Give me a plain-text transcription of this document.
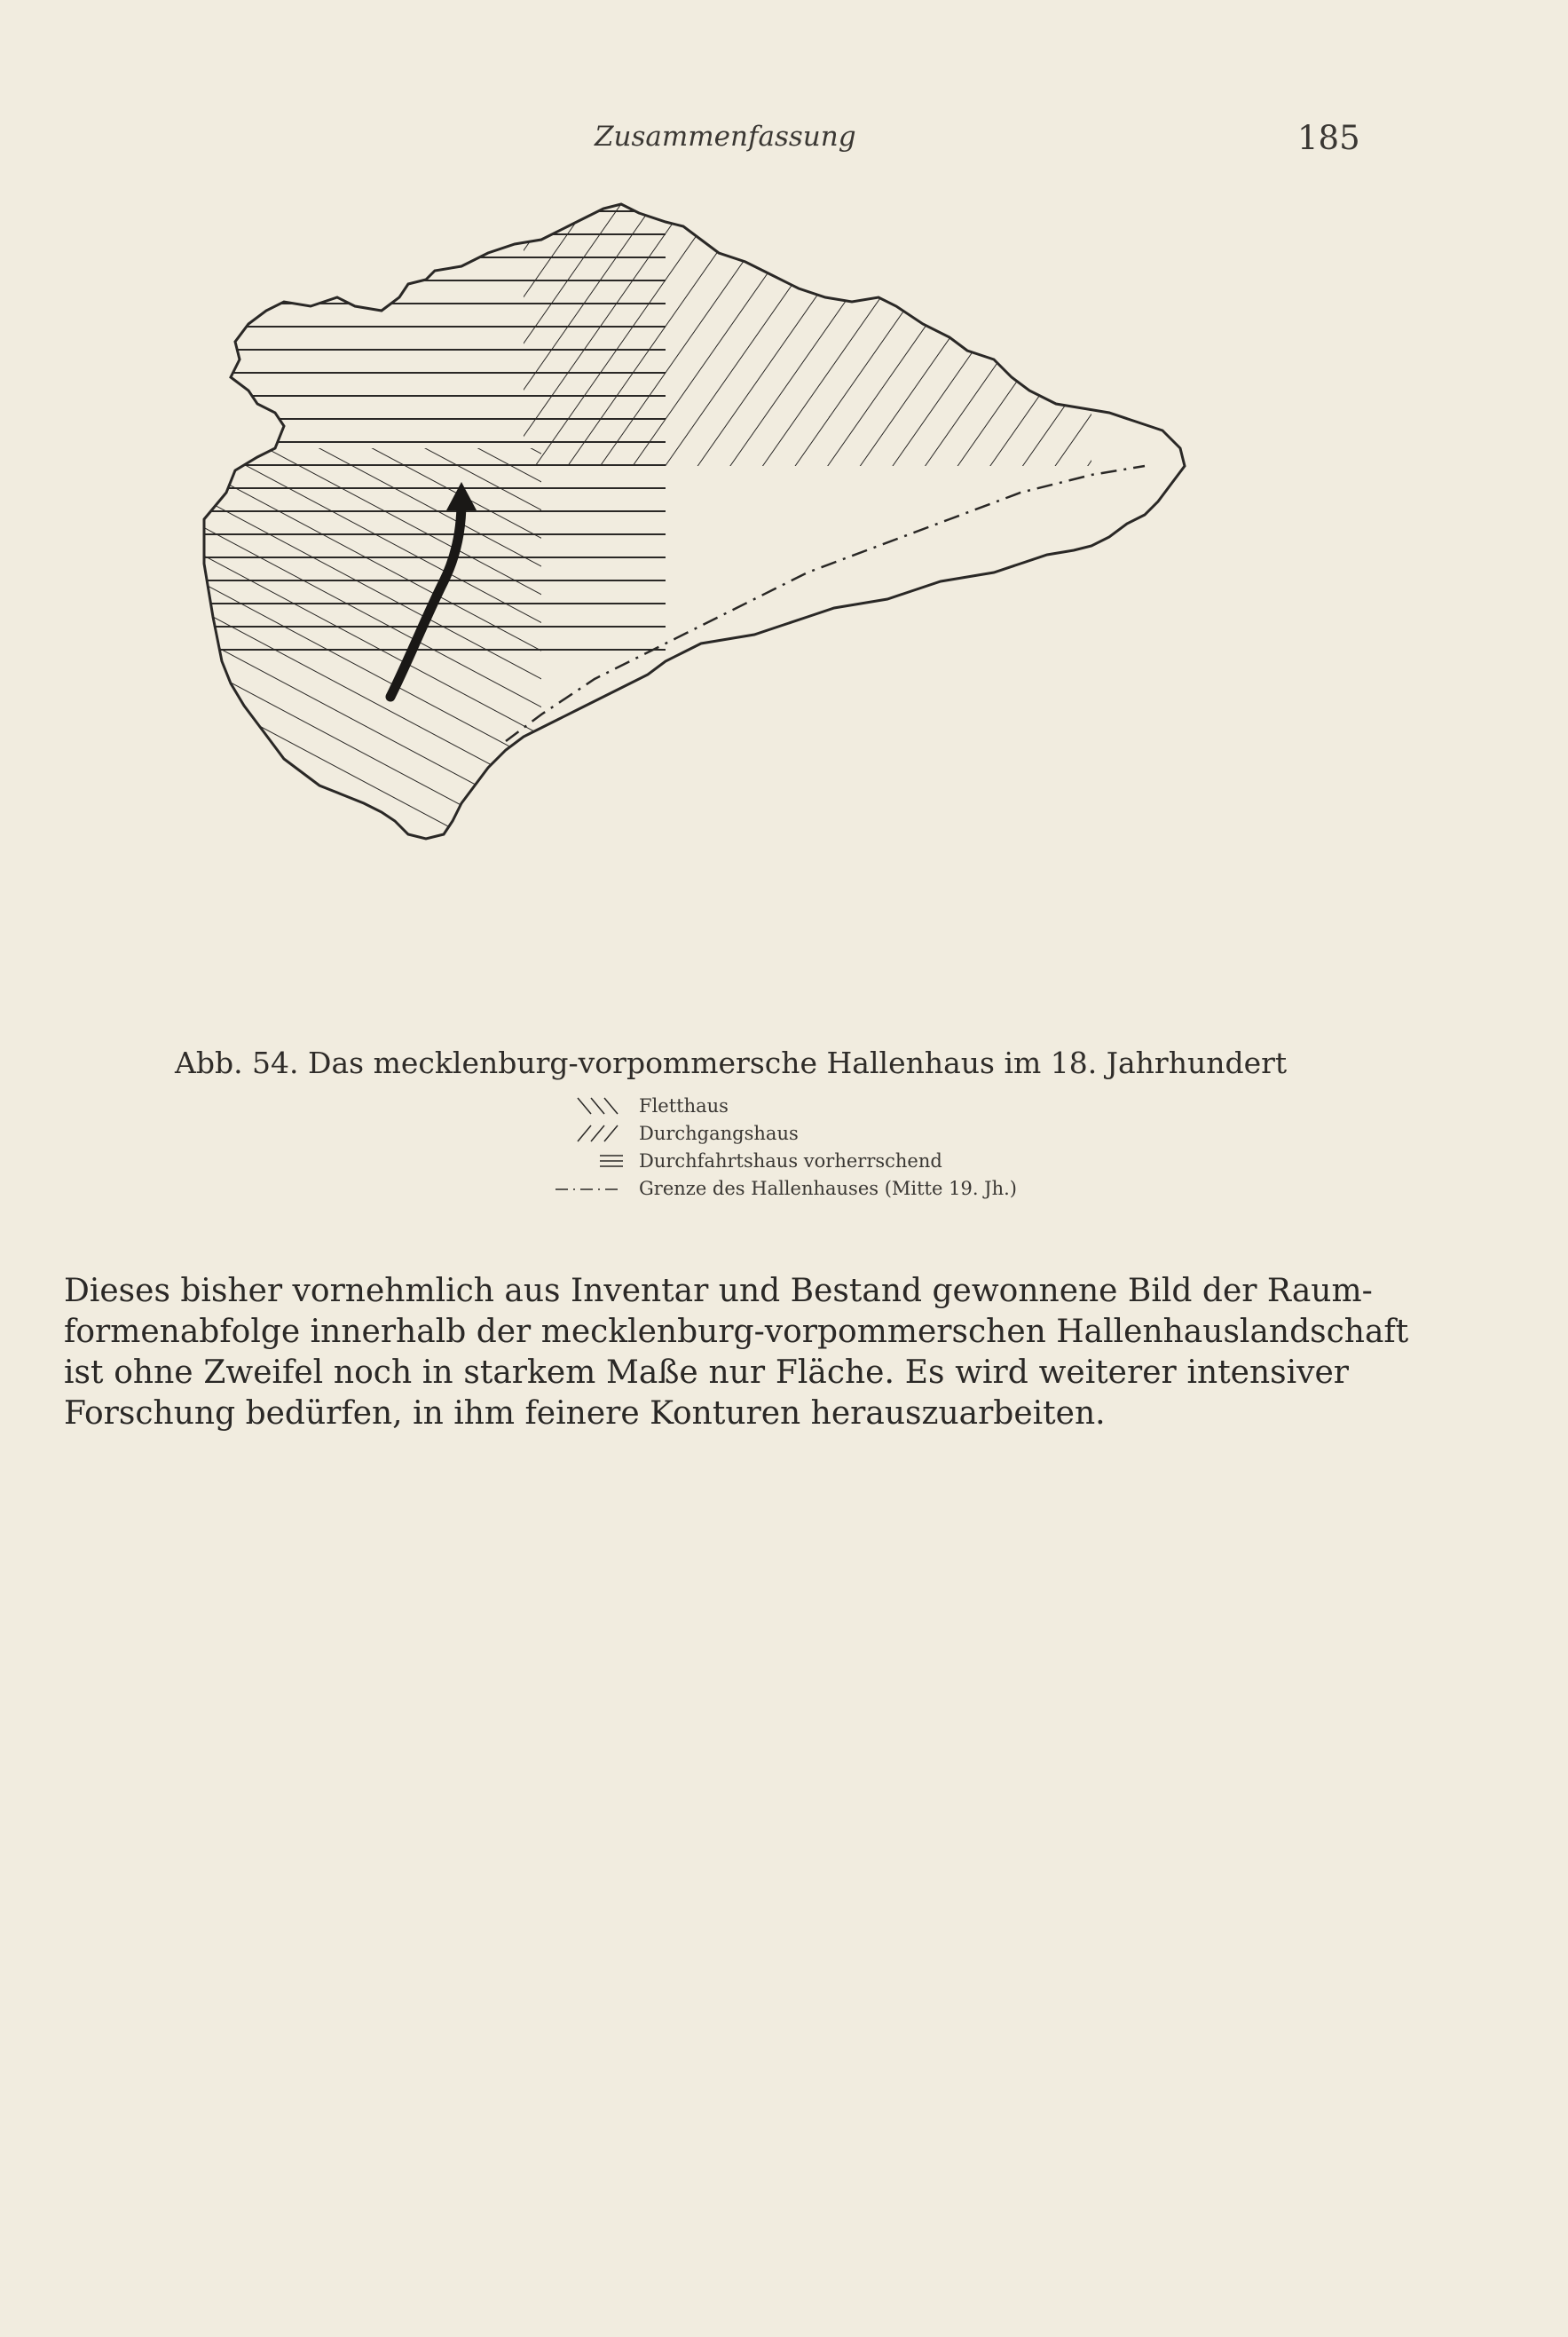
Zusammenfassung	185
Abb. 54. Das mecklenburg-vorpommersche Hallenhaus im 18. Jahrhundert
Fletthaus
Durchgangshaus
Durchfahrtshaus vorherrschend
Grenze des Hallenhauses (Mitte 19. Jh.)
Dieses bisher vornehmlich aus Inventar und Bestand gewonnene Bild der Raum-
formenabfolge innerhalb der mecklenburg-vorpommerschen Hallenhauslandschaft
ist ohne Zweifel noch in starkem Maße nur Fläche. Es wird weiterer intensiver
Forschung bedürfen, in ihm feinere Konturen herauszuarbeiten.
